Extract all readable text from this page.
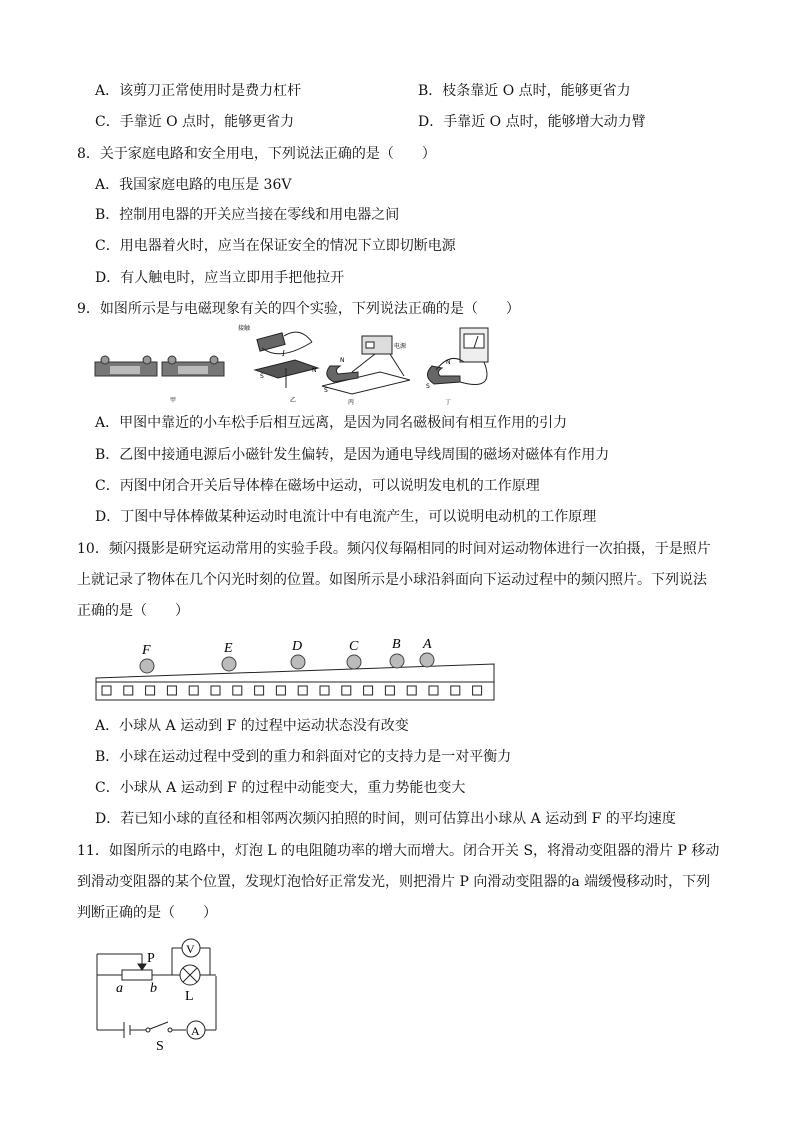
A．该剪刀正常使用时是费力杠杆	B．枝条靠近 O 点时，能够更省力
C．手靠近 O 点时，能够更省力	D．手靠近 O 点时，能够增大动力臂
8．关于家庭电路和安全用电，下列说法正确的是（　　）
A．我国家庭电路的电压是 36V
B．控制用电器的开关应当接在零线和用电器之间
C．用电器着火时，应当在保证安全的情况下立即切断电源
D．有人触电时，应当立即用手把他拉开
9．如图所示是与电磁现象有关的四个实验，下列说法正确的是（　　）
甲
接触
I
S
N
乙
电源
N
S
丙
S
N
丁
A．甲图中靠近的小车松手后相互远离，是因为同名磁极间有相互作用的引力
B．乙图中接通电源后小磁针发生偏转，是因为通电导线周围的磁场对磁体有作用力
C．丙图中闭合开关后导体棒在磁场中运动，可以说明发电机的工作原理
D．丁图中导体棒做某种运动时电流计中有电流产生，可以说明电动机的工作原理
10．频闪摄影是研究运动常用的实验手段。频闪仪每隔相同的时间对运动物体进行一次拍摄，于是照片
上就记录了物体在几个闪光时刻的位置。如图所示是小球沿斜面向下运动过程中的频闪照片。下列说法
正确的是（　　）
F	E	D	C B A
A．小球从 A 运动到 F 的过程中运动状态没有改变
B．小球在运动过程中受到的重力和斜面对它的支持力是一对平衡力
C．小球从 A 运动到 F 的过程中动能变大，重力势能也变大
D．若已知小球的直径和相邻两次频闪拍照的时间，则可估算出小球从 A 运动到 F 的平均速度
11．如图所示的电路中，灯泡 L 的电阻随功率的增大而增大。闭合开关 S，将滑动变阻器的滑片 P 移动
到滑动变阻器的某个位置，发现灯泡恰好正常发光，则把滑片 P 向滑动变阻器的a 端缓慢移动时，下列
判断正确的是（　　）
P
a b
L
S
V
A
